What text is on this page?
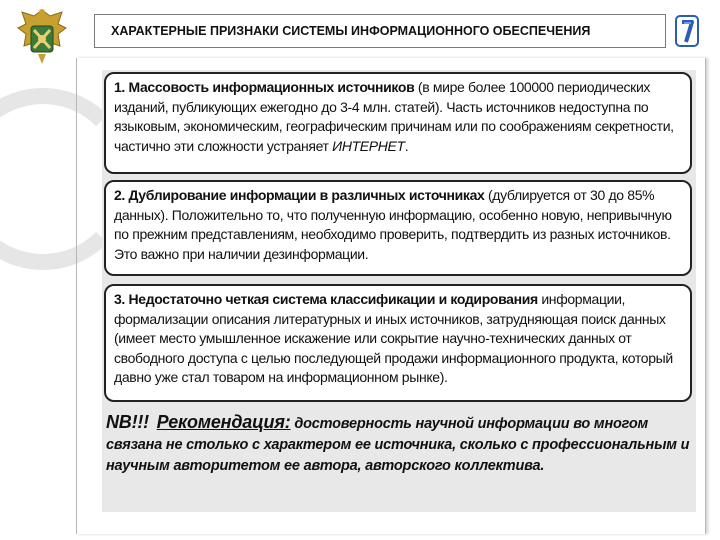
ХАРАКТЕРНЫЕ ПРИЗНАКИ СИСТЕМЫ ИНФОРМАЦИОННОГО ОБЕСПЕЧЕНИЯ
1. Массовость информационных источников (в мире более 100000 периодических изданий, публикующих ежегодно до 3-4 млн. статей). Часть источников недоступна по языковым, экономическим, географическим причинам или по соображениям секретности, частично эти сложности устраняет ИНТЕРНЕТ.
2. Дублирование информации в различных источниках (дублируется от 30 до 85% данных). Положительно то, что полученную информацию, особенно новую, непривычную по прежним представлениям, необходимо проверить, подтвердить из разных источников. Это важно при наличии дезинформации.
3. Недостаточно четкая система классификации и кодирования информации, формализации описания литературных и иных источников, затрудняющая поиск данных (имеет место умышленное искажение или сокрытие научно-технических данных от свободного доступа с целью последующей продажи информационного продукта, который давно уже стал товаром на информационном рынке).
NB!!! Рекомендация: достоверность научной информации во многом связана не столько с характером ее источника, сколько с профессиональным и научным авторитетом ее автора, авторского коллектива.
